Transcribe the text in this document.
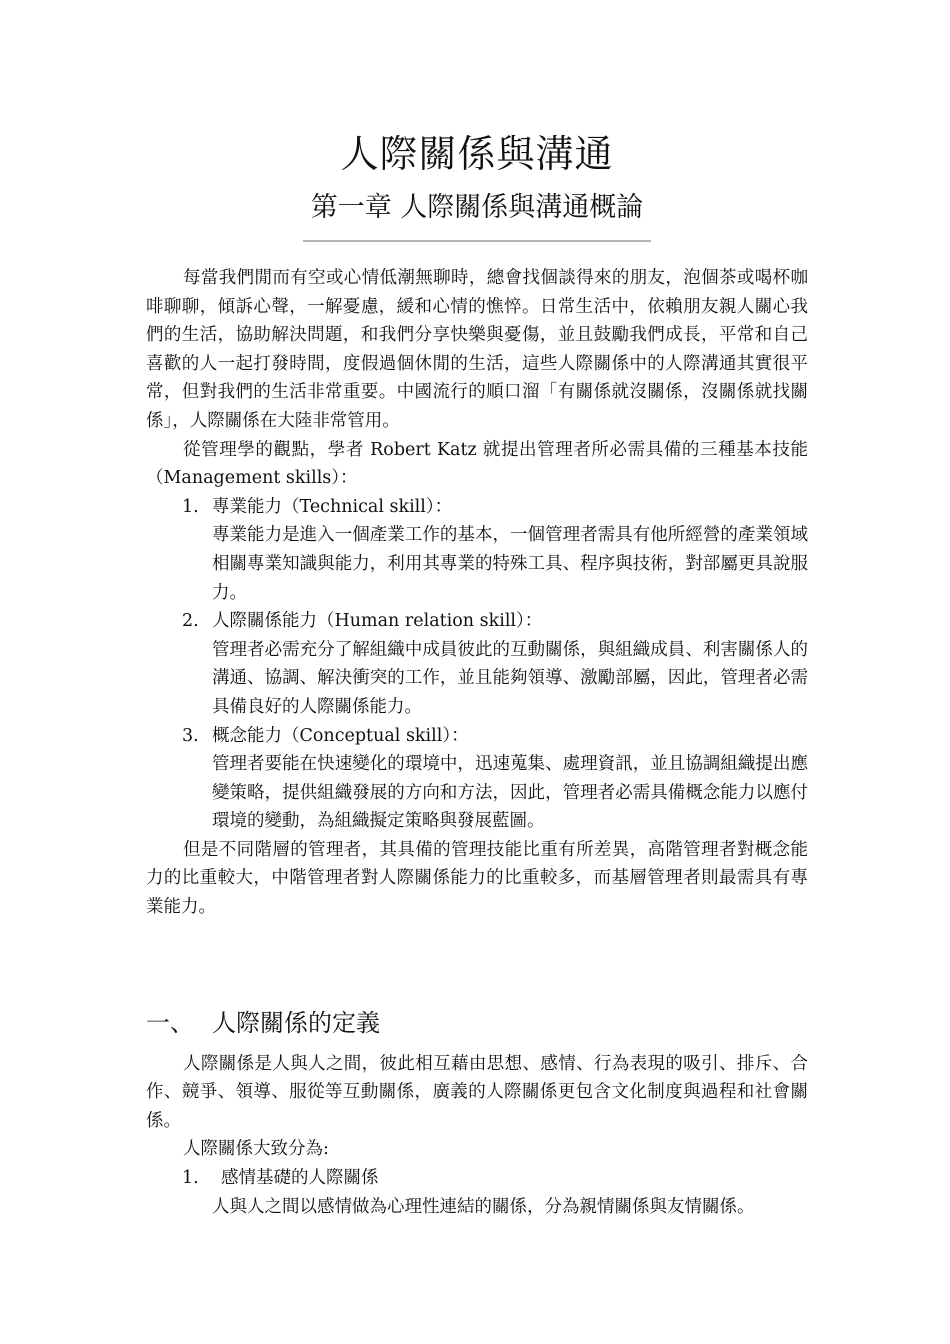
人際關係與溝通
第一章 人際關係與溝通概論

每當我們閒而有空或心情低潮無聊時，總會找個談得來的朋友，泡個茶或喝杯咖啡聊聊，傾訴心聲，一解憂慮，緩和心情的憔悴。日常生活中，依賴朋友親人關心我們的生活，協助解決問題，和我們分享快樂與憂傷，並且鼓勵我們成長，平常和自己喜歡的人一起打發時間，度假過個休閒的生活，這些人際關係中的人際溝通其實很平常，但對我們的生活非常重要。中國流行的順口溜「有關係就沒關係，沒關係就找關係」，人際關係在大陸非常管用。

從管理學的觀點，學者 Robert Katz 就提出管理者所必需具備的三種基本技能（Management skills）：

1. 專業能力（Technical skill）：
專業能力是進入一個產業工作的基本，一個管理者需具有他所經營的產業領域相關專業知識與能力，利用其專業的特殊工具、程序與技術，對部屬更具說服力。
2. 人際關係能力（Human relation skill）：
管理者必需充分了解組織中成員彼此的互動關係，與組織成員、利害關係人的溝通、協調、解決衝突的工作，並且能夠領導、激勵部屬，因此，管理者必需具備良好的人際關係能力。
3. 概念能力（Conceptual skill）：
管理者要能在快速變化的環境中，迅速蒐集、處理資訊，並且協調組織提出應變策略，提供組織發展的方向和方法，因此，管理者必需具備概念能力以應付環境的變動，為組織擬定策略與發展藍圖。

但是不同階層的管理者，其具備的管理技能比重有所差異，高階管理者對概念能力的比重較大，中階管理者對人際關係能力的比重較多，而基層管理者則最需具有專業能力。

一、 人際關係的定義

人際關係是人與人之間，彼此相互藉由思想、感情、行為表現的吸引、排斥、合作、競爭、領導、服從等互動關係，廣義的人際關係更包含文化制度與過程和社會關係。

人際關係大致分為:

1.	感情基礎的人際關係
人與人之間以感情做為心理性連結的關係，分為親情關係與友情關係。
